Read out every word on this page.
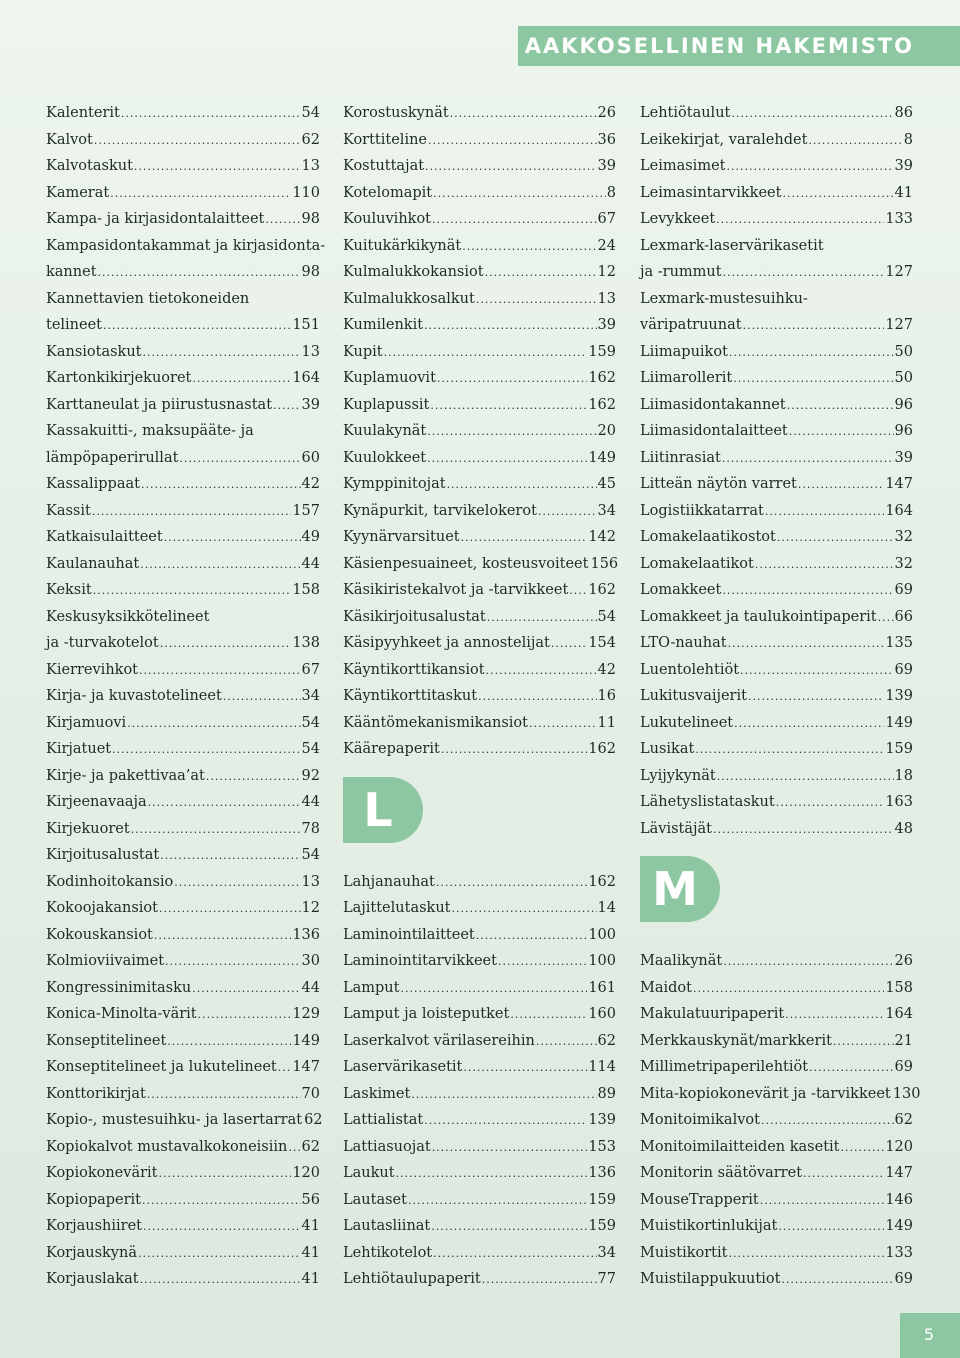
AAKKOSELLINEN HAKEMISTO
Kalenterit .....	54
Kalvot .....	62
Kalvotaskut .....	13
Kamerat .....	110
Kampa- ja kirjasidontalaitteet .....	98
Kampasidontakammat ja kirjasidonta-
kannet .....	98
Kannettavien tietokoneiden
telineet .....	151
Kansiotaskut .....	13
Kartonkikirjekuoret .....	164
Karttaneulat ja piirustusnastat ..... 39
Kassakuitti-, maksupääte- ja
lämpöpaperirullat .....	60
Kassalippaat .....	42
Kassit .....	157
Katkaisulaitteet .....	49
Kaulanauhat .....	44
Keksit .....	158
Keskusyksikkötelineet
ja -turvakotelot .....	138
Kierrevihkot .....	67
Kirja- ja kuvastotelineet .....	34
Kirjamuovi .....	54
Kirjatuet .....	54
Kirje- ja pakettivaa’at .....	92
Kirjeenavaaja .....	44
Kirjekuoret .....	78
Kirjoitusalustat .....	54
Kodinhoitokansio .....	13
Kokoojakansiot .....	12
Kokouskansiot .....	136
Kolmioviivaimet .....	30
Kongressinimitasku .....	44
Konica-Minolta-värit .....	129
Konseptitelineet .....	149
Konseptitelineet ja lukutelineet ..... 147
Konttorikirjat .....	70
Kopio-, mustesuihku- ja lasertarrat 62
Kopiokalvot mustavalkokoneisiin ..... 62
Kopiokonevärit .....	120
Kopiopaperit .....	56
Korjaushiiret .....	41
Korjauskynä .....	41
Korjauslakat .....	41
Korostuskynät .....	26
Korttiteline .....	36
Kostuttajat .....	39
Kotelomapit .....	8
Kouluvihkot .....	67
Kuitukärkikynät .....	24
Kulmalukkokansiot .....	12
Kulmalukkosalkut .....	13
Kumilenkit .....	39
Kupit .....	159
Kuplamuovit .....	162
Kuplapussit .....	162
Kuulakynät .....	20
Kuulokkeet .....	149
Kymppinitojat .....	45
Kynäpurkit, tarvikelokerot .....	34
Kyynärvarsituet .....	142
Käsienpesuaineet, kosteusvoiteet 156
Käsikiristekalvot ja -tarvikkeet ..... 162
Käsikirjoitusalustat .....	54
Käsipyyhkeet ja annostelijat .....	154
Käyntikorttikansiot .....	42
Käyntikorttitaskut .....	16
Kääntömekanismikansiot .....	11
Käärepaperit .....	162
L
Lahjanauhat .....	162
Lajittelutaskut .....	14
Laminointilaitteet .....	100
Laminointitarvikkeet .....	100
Lamput .....	161
Lamput ja loisteputket .....	160
Laserkalvot värilasereihin .....	62
Laservärikasetit .....	114
Laskimet .....	89
Lattialistat .....	139
Lattiasuojat .....	153
Laukut .....	136
Lautaset .....	159
Lautasliinat .....	159
Lehtikotelot .....	34
Lehtiötaulupaperit .....	77
Lehtiötaulut .....	86
Leikekirjat, varalehdet .....	8
Leimasimet .....	39
Leimasintarvikkeet .....	41
Levykkeet .....	133
Lexmark-laservärikasetit
ja -rummut .....	127
Lexmark-mustesuihku-
väripatruunat .....	127
Liimapuikot .....	50
Liimarollerit .....	50
Liimasidontakannet .....	96
Liimasidontalaitteet .....	96
Liitinrasiat .....	39
Litteän näytön varret .....	147
Logistiikkatarrat .....	164
Lomakelaatikostot .....	32
Lomakelaatikot .....	32
Lomakkeet .....	69
Lomakkeet ja taulukointipaperit ..... 66
LTO-nauhat .....	135
Luentolehtiöt .....	69
Lukitusvaijerit .....	139
Lukutelineet .....	149
Lusikat .....	159
Lyijykynät .....	18
Lähetyslistataskut .....	163
Lävistäjät .....	48
M
Maalikynät .....	26
Maidot .....	158
Makulatuuripaperit .....	164
Merkkauskynät/markkerit .....	21
Millimetripaperilehtiöt .....	69
Mita-kopiokonevärit ja -tarvikkeet 130
Monitoimikalvot .....	62
Monitoimilaitteiden kasetit .....	120
Monitorin säätövarret .....	147
MouseTrapperit .....	146
Muistikortinlukijat .....	149
Muistikortit .....	133
Muistilappukuutiot .....	69
5
